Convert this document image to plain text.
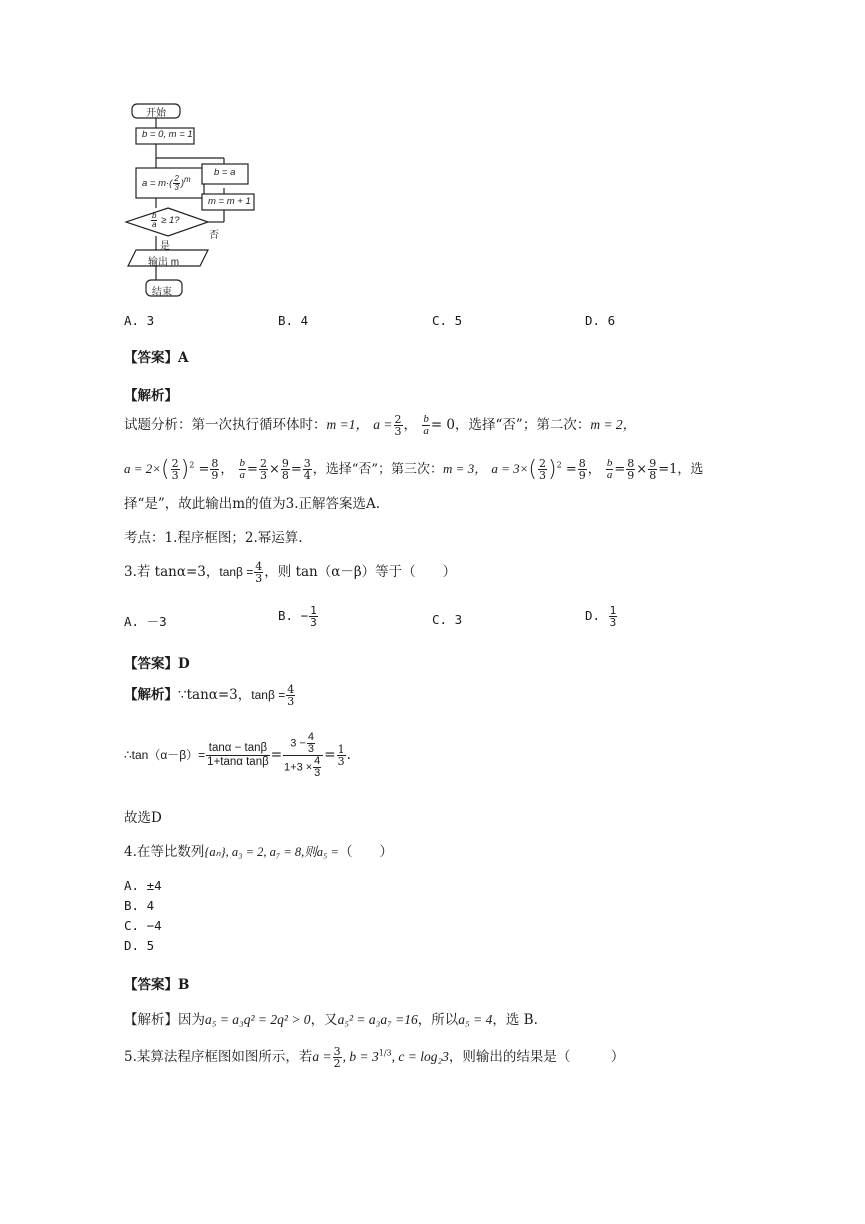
开始
b = 0, m = 1
$a = m\cdot( \frac{2}{3} )^m$
$\frac{b}{a} \ge 1$?
b = a
m = m + 1
否
是
输出 m
结束
A. 3	B. 4	C. 5	D. 6
【答案】A
【解析】
试题分析：第一次执行循环体时：m =1， $a = \frac{2}{3}$ ， $\frac{b}{a} = 0$，选择“否”；第二次：m = 2，
$a = 2\times( \frac{2}{3} )^2 = \frac{8}{9}$ ， $\frac{b}{a} = \frac{2}{3} \times \frac{9}{8} = \frac{3}{4}$ ，选择“否”；第三次：m = 3， $a = 3\times( \frac{2}{3} )^2 = \frac{8}{9}$ ， $\frac{b}{a} = \frac{8}{9} \times \frac{9}{8} =1$，选
择“是”，故此输出m的值为3.正解答案选A.
考点：1.程序框图；2.幂运算.
3.若 tanα=3，$\tan\beta = \frac{4}{3}$ ，则 tan（α－β）等于（　　）
A. －3	B. − $\frac{1}{3}$	C. 3	D. $\frac{1}{3}$
【答案】D
【解析】∵tanα=3，$\tan\beta = \frac{4}{3}$
∴tan（α－β）= $\frac{\tan\alpha - \tan\beta}{\text{1+tanα tanβ}} = \frac{3 - \frac{4}{3}}{1+3 \times \frac{4}{3}} = \frac{1}{3}$ .
故选D
4.在等比数列{aₙ}, a₃ = 2, a₇ = 8,则a₅ =（　　）
A. ±4
B. 4
C. −4
D. 5
【答案】B
【解析】因为a₅ = a₃q² = 2q² > 0，又a₅² = a₃a₇ =16，所以a₅ = 4，选 B.
5.某算法程序框图如图所示，若$a = \frac{3}{2}$ , $b = 3^{1/3}$, c = log₂3，则输出的结果是（　　　）
